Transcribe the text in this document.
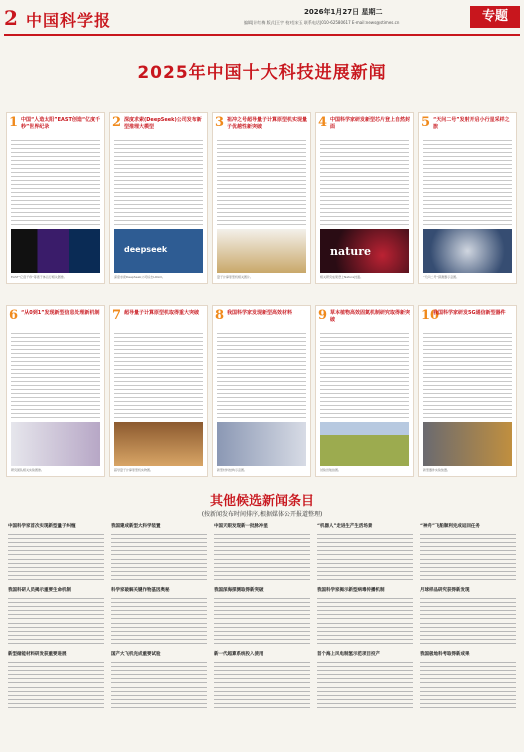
2 中国科学报	2026年1月27日 星期二
编辑|计红梅 版式|王宇 校对|宋玉 联系电话|010-62580617 E-mail:news@stimes.cn	专题
2025年中国十大科技进展新闻
1 中国“人造太阳”EAST创造“亿度千秒”世界纪录
EAST“亿度千秒”等离子体运行相关图像。
2 深度求索(DeepSeek)公司发布新型推理大模型
deepseek
深度求索DeepSeek公司标志LOGO。
3 祖冲之号超导量子计算原型机实现量子优越性新突破
量子计算原型机相关图片。
4 中国科学家研发新型芯片登上自然封面
nature
相关研究成果登上Nature封面。
5 “天问二号”发射开启小行星采样之旅
“天问二号”探测器示意图。
6 “从0到1”发现新型信息处理新机制
研究团队相关实验图像。
7 超导量子计算原型机取得重大突破
超导量子计算原型机实物图。
8 我国科学家发现新型高效材料
新型材料结构示意图。
9 草本植物高效固氮机制研究取得新突破
试验田航拍图。
10
我国科学家研发5G通信新型器件
新型器件实验装置。
其他候选新闻条目
(按新闻发布时间排序,根据媒体公开报道整理)
中国科学家首次实现新型量子纠缠
我国科研人员揭示重要生命机制
新型储能材料研发获重要进展
我国建成新型大科学装置
科学家破解关键作物基因奥秘
国产大飞机完成重要试验
中国天眼发现新一批脉冲星
我国深海探测取得新突破
新一代超算系统投入使用
“机器人”走进生产生活场景
我国科学家揭示新型病毒传播机制
首个海上风电制氢示范项目投产
“神舟”飞船顺利完成返回任务
月球样品研究获得新发现
我国极地科考取得新成果
